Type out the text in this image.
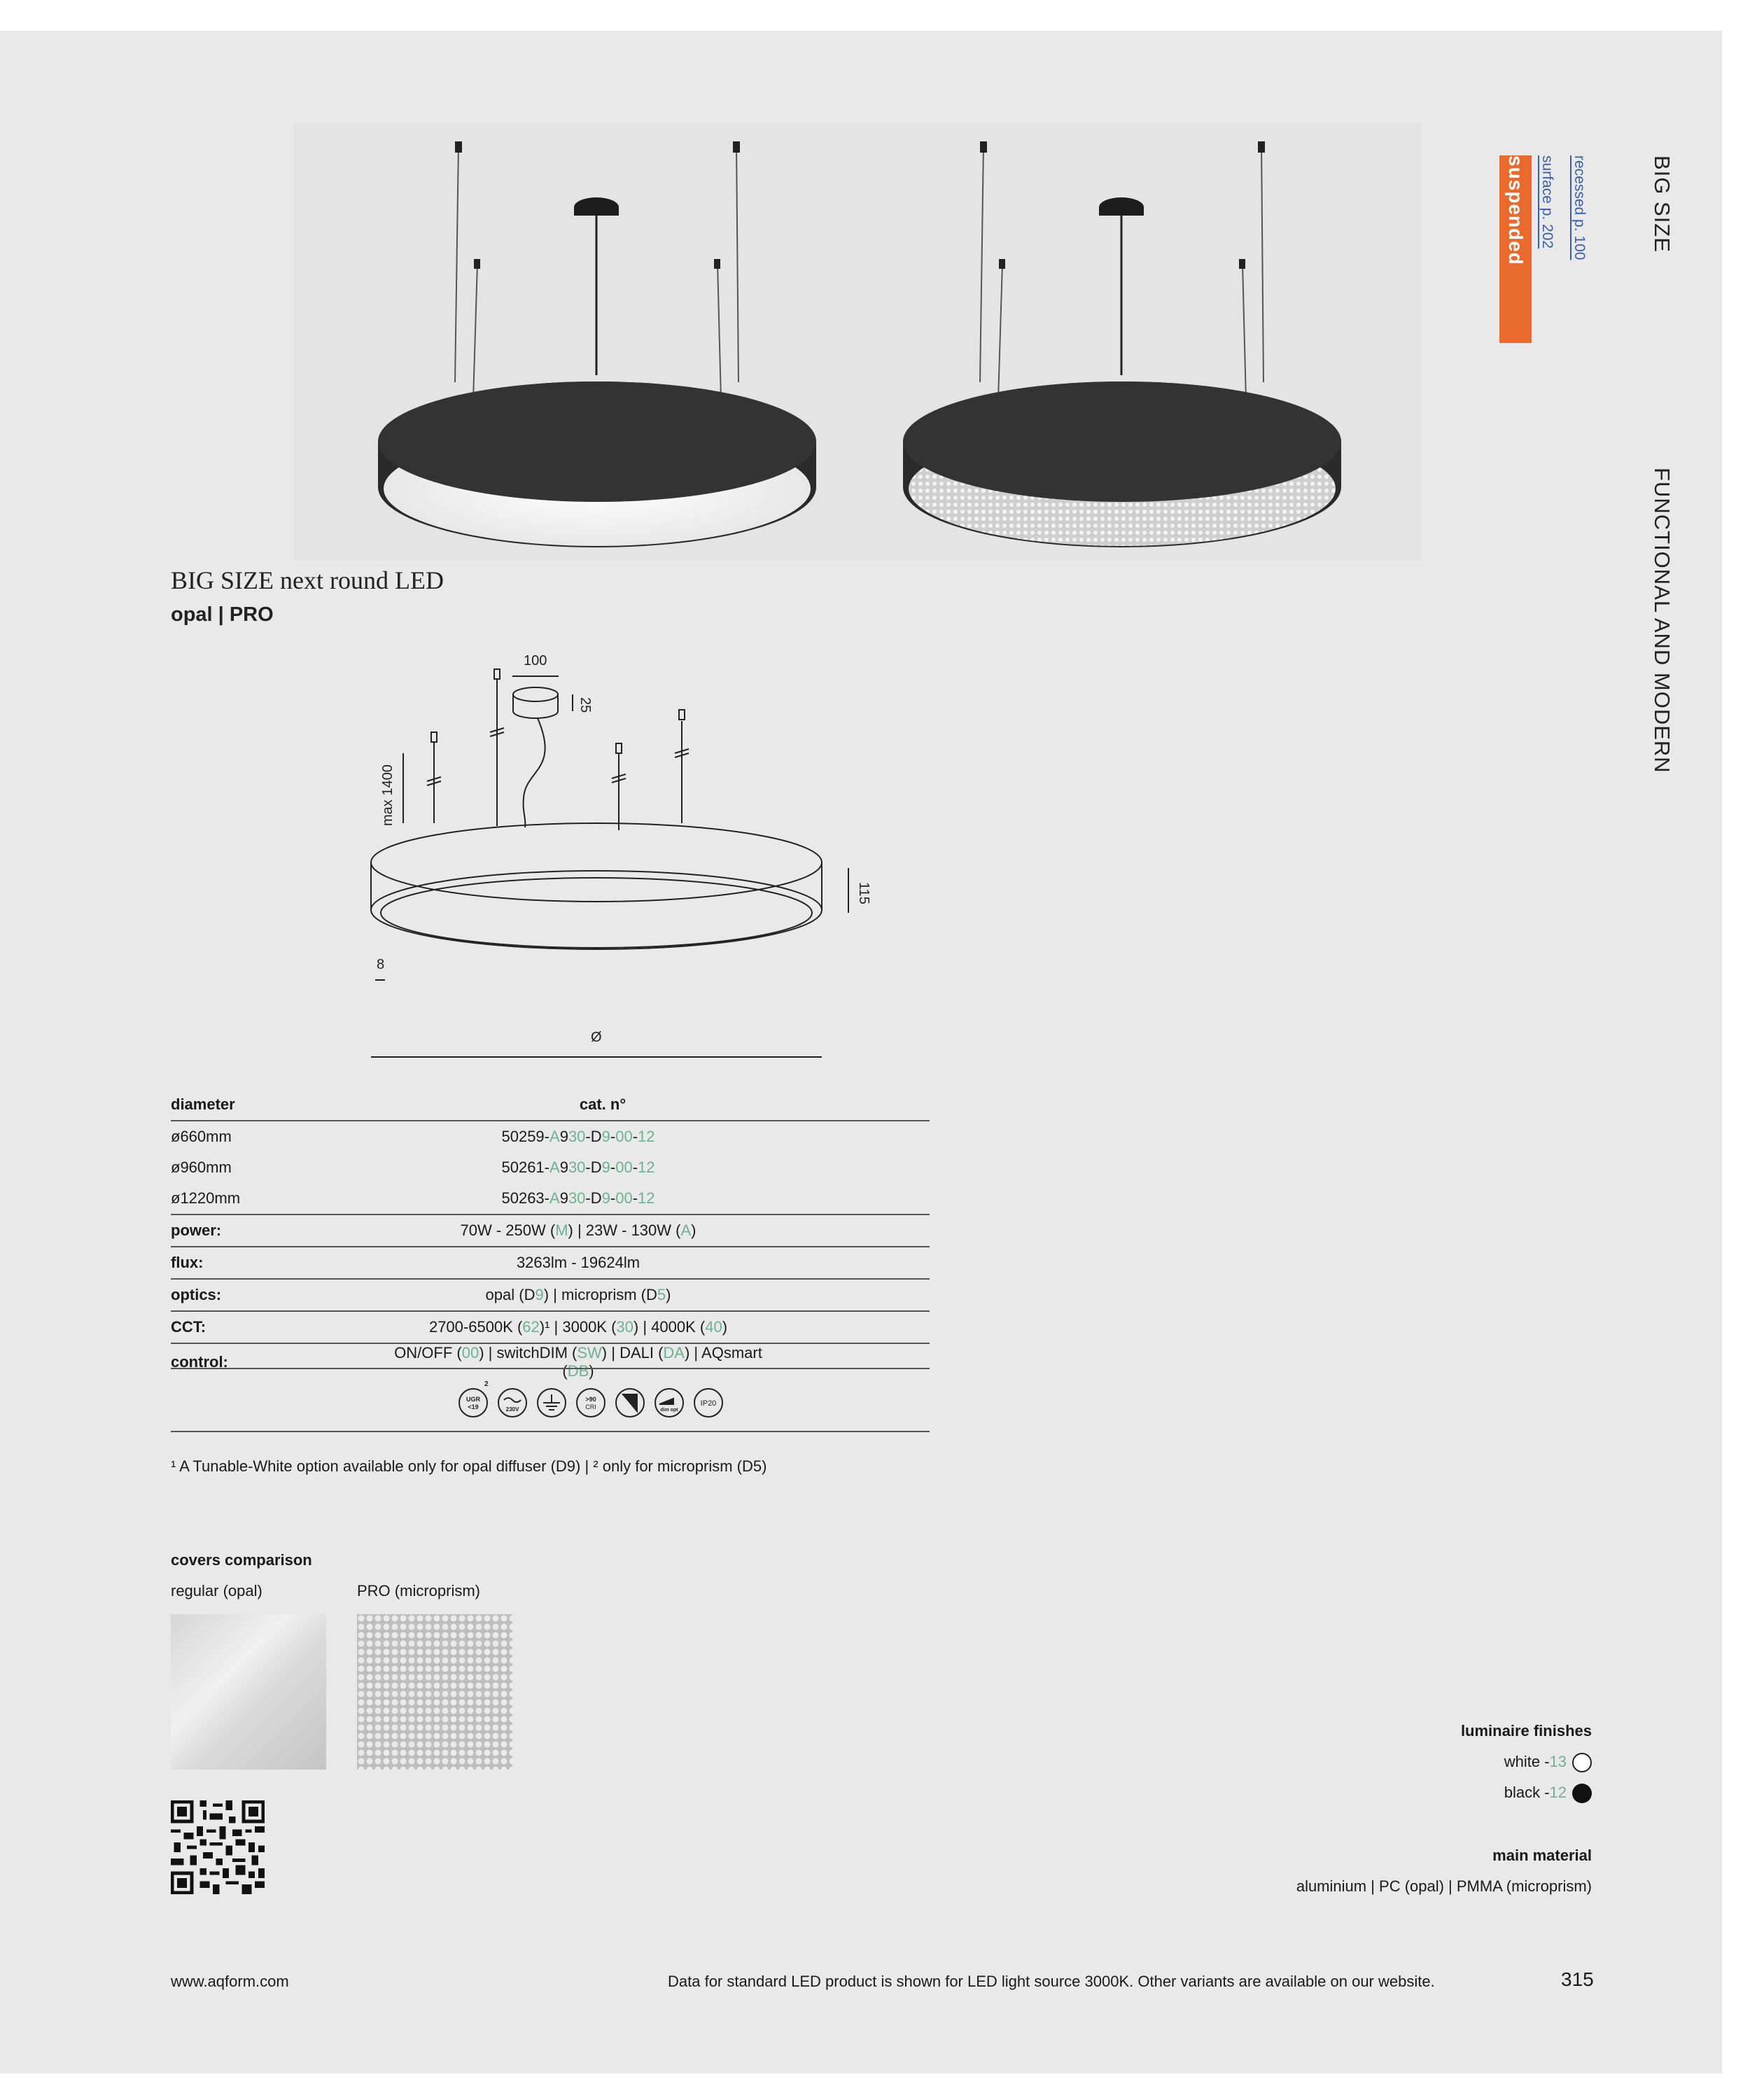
BIG SIZE
FUNCTIONAL AND MODERN
recessed p. 100
surface p. 202
suspended
BIG SIZE next round LED
opal | PRO
100
25
max 1400
115
8
Ø
diameter	cat. n°
ø660mm	50259-A930-D9-00-12
ø960mm	50261-A930-D9-00-12
ø1220mm	50263-A930-D9-00-12
power:	70W - 250W (M) | 23W - 130W (A)
flux:	3263lm - 19624lm
optics:	opal (D9) | microprism (D5)
CCT:	2700-6500K (62)¹ | 3000K (30) | 4000K (40)
control:	ON/OFF (00) | switchDIM (SW) | DALI (DA) | AQsmart (DB)
UGR
<19
2
230V
>90
CRI	dim opt
IP20
¹ A Tunable-White option available only for opal diffuser (D9) | ² only for microprism (D5)
covers comparison
regular (opal)	PRO (microprism)
luminaire finishes
white -13
black -12
main material
aluminium | PC (opal) | PMMA (microprism)
www.aqform.com	Data for standard LED product is shown for LED light source 3000K. Other variants are available on our website.	315
